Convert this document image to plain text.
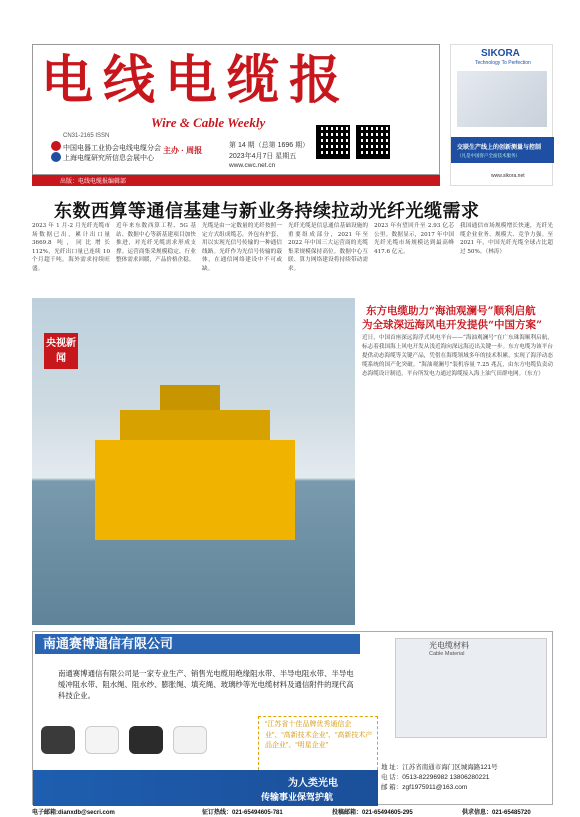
电线电缆报
Wire & Cable Weekly
CN31-2165 ISSN
中国电器工业协会电线电缆分会
上海电缆研究所信息会展中心
主办 · 周报
第 14 期（总第 1696 期）
2023年4月7日 星期五
www.cwc.net.cn
出版：电线电缆报编辑部
SIKORA
Technology To Perfection
交联生产线上的创新测量与控制
（凡是中国客户全面技术服务）
www.sikora.net
东数西算等通信基建与新业务持续拉动光纤光缆需求
2023 年 1 月-2 月光纤光缆市场数据已出，累计出口量 3669.8 吨，同比增长 112%，光纤出口量已连续 10 个月超千吨。海外需求持续旺盛。
近年来东数西算工程、5G 基站、数据中心等新基建项目加快推进，对光纤光缆需求形成支撑。运营商集采规模稳定，行业整体需求回暖，产品价格企稳。
光缆是由一定数量的光纤按照一定方式组成缆芯，外包有护套，用以实现光信号传输的一种通信线路。光纤作为光信号传输的载体，在通信网络建设中不可或缺。
光纤光缆是信息通信基础设施的重要组成部分，2021 年至 2022 年中国三大运营商的光缆集采规模保持高位。数据中心互联、算力网络建设将持续带动需求。
2023 年有望回升至 2.93 亿芯公里。数据显示，2017 年中国光纤光缆市场规模达到最高峰 417.6 亿元。
我国通信市场规模增长快速，光纤光缆企业业务、规模大、竞争力强。至 2021 年，中国光纤光缆全球占比超过 50%。（林涛）
央视新闻
东方电缆助力“海油观澜号”顺利启航
为全球深远海风电开发提供“中国方案”
近日，中国首座深远海浮式风电平台——“海油观澜号”在广东珠海顺利启航，标志着我国海上风电开发从浅近海向深远海迈出关键一步。东方电缆为该平台提供动态海缆等关键产品，凭借在海缆领域多年的技术积累，实现了海洋动态缆系统的国产化突破。“海油观澜号”装机容量 7.25 兆瓦，由东方电缆负责动态海缆设计制造，平台所发电力通过海缆接入海上油气田群电网。（东方）
南通赛博通信有限公司
南通赛博通信有限公司是一家专业生产、销售光电缆用绝缘阻水带、半导电阻水带、半导电缓冲阻水带、阻水绳、阻水纱、膨胀绳、填充绳、玻璃纱等光电缆材料及通信附件的现代高科技企业。
“江苏省十佳品牌优秀通信企业”、“高新技术企业”、“高新技术产品企业”、“明星企业”
为人类光电
传输事业保驾护航
半导电阻水带	绝缘阻水带	半导电阻水带	阻水纱
光电缆材料
Cable Material
地 址：江苏省南通市海门区城海路121号
电 话：0513-82296982 13806280221
邮 箱：zgf1975911@163.com
电子邮箱:dianxdb@secri.com	征订热线：021-65494605-781	投稿邮箱：021-65494605-295	供求信息：021-65485720
